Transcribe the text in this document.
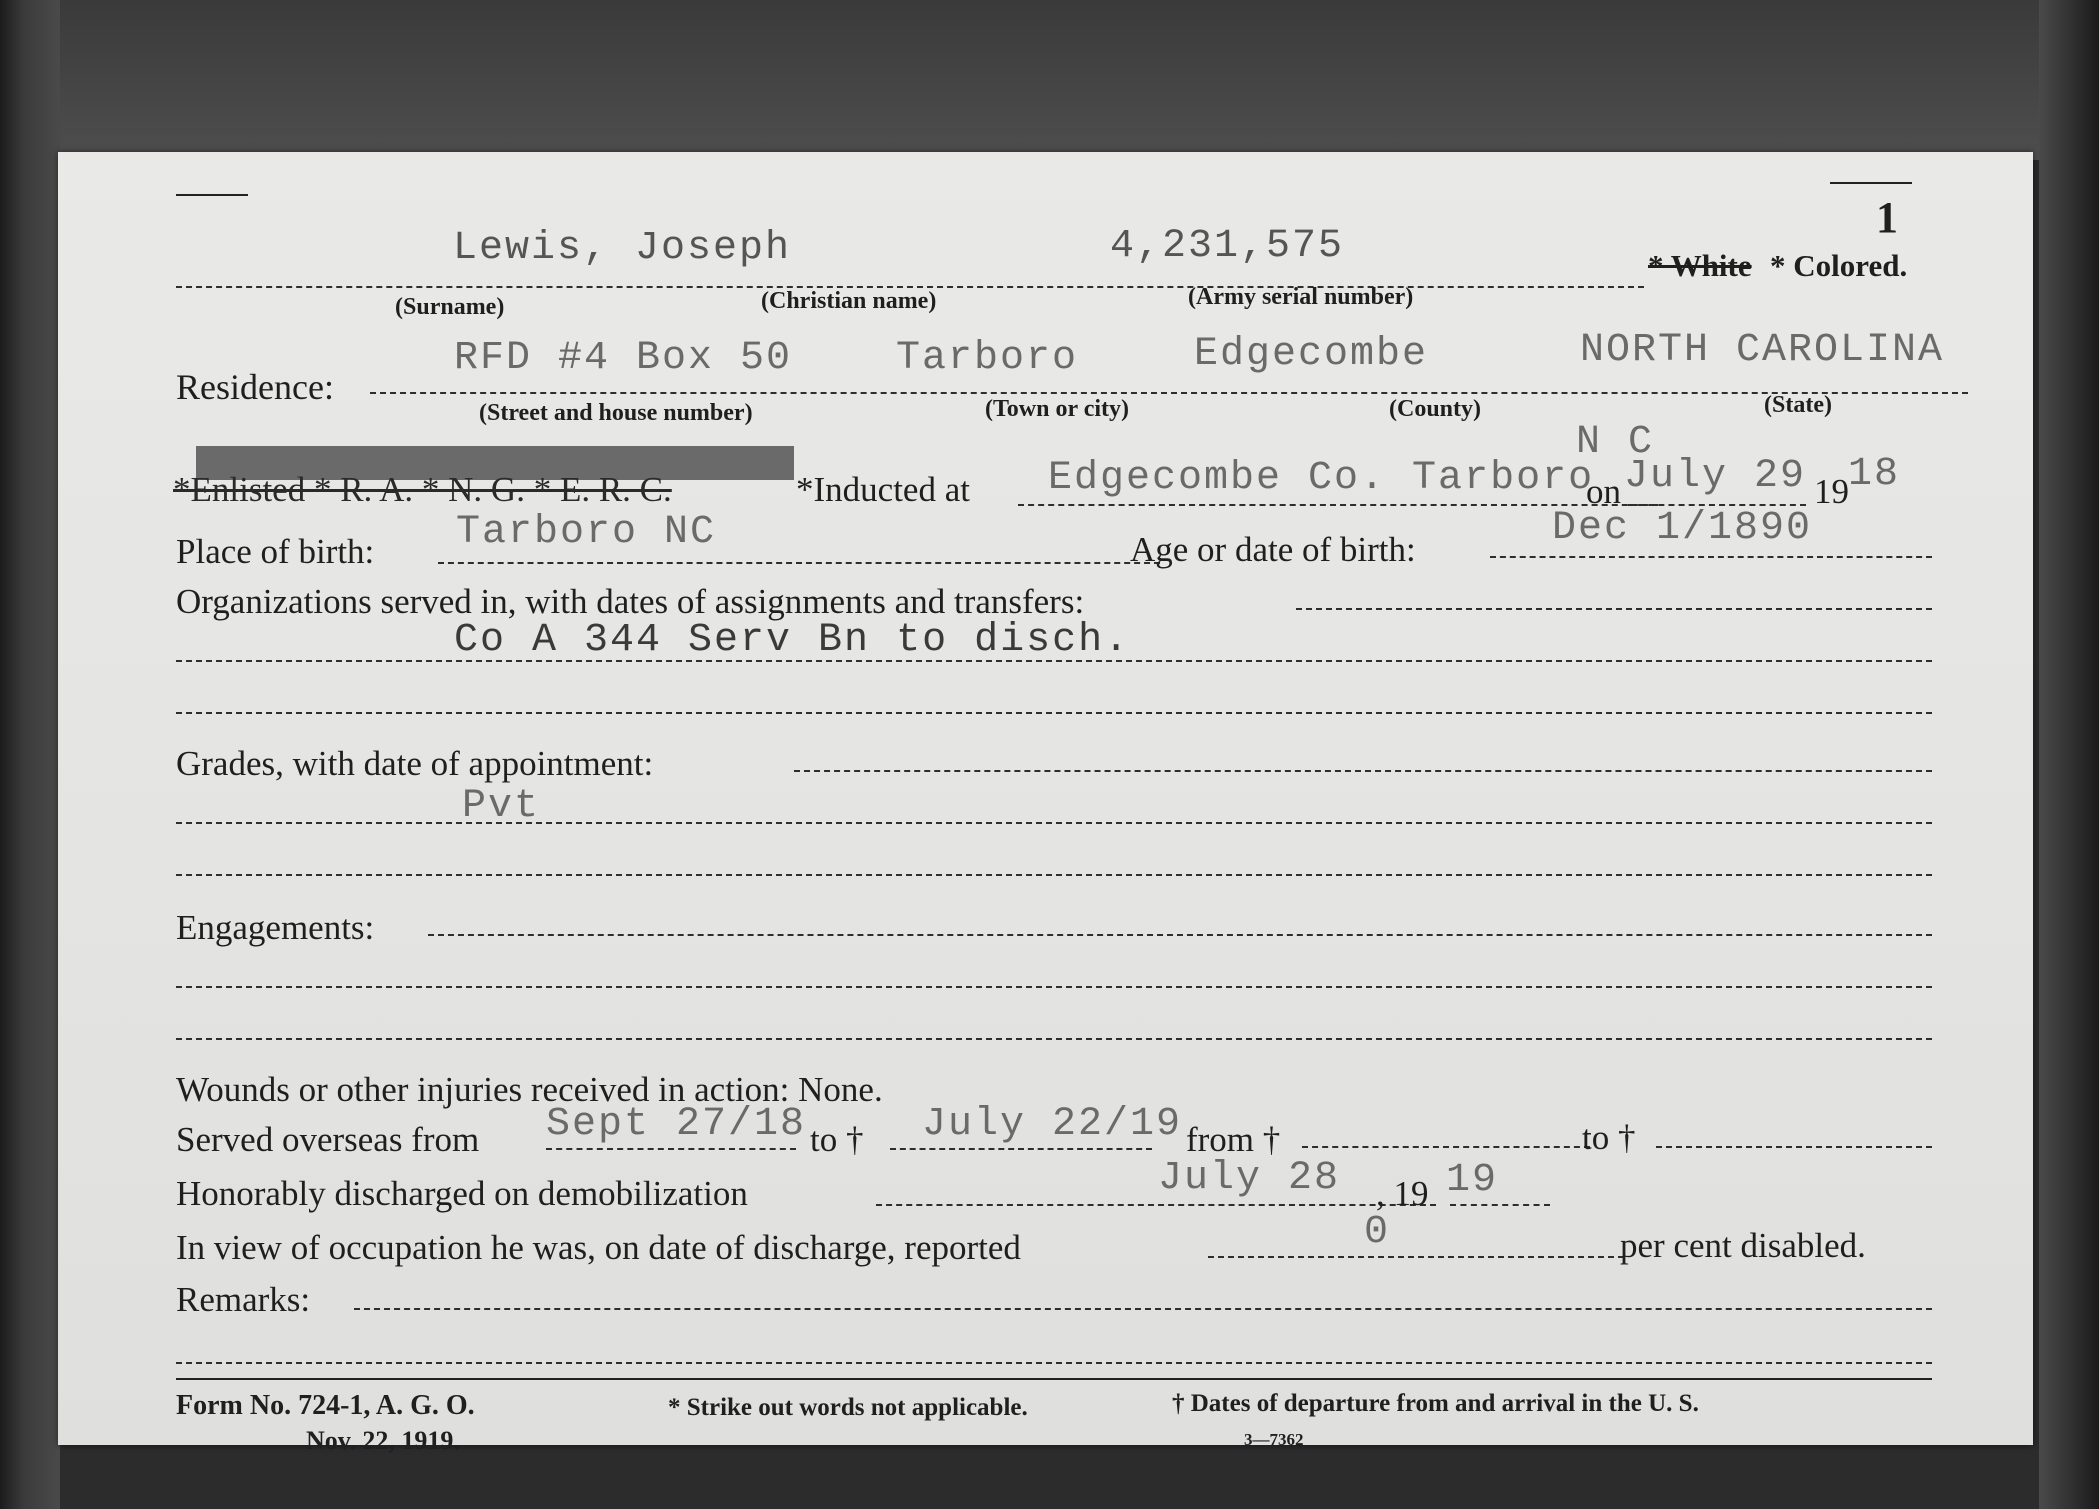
1
Lewis, Joseph	4,231,575	* White * Colored.
(Surname)	(Christian name)	(Army serial number)
Residence:
RFD #4 Box 50	Tarboro	Edgecombe	NORTH CAROLINA
(Street and house number)	(Town or city)	(County)	(State)
*Enlisted * R. A. * N. G. * E. R. C.	*Inducted at Edgecombe Co. Tarboro
N C
on July 29 19 18
Place of birth: Tarboro NC	Age or date of birth:	Dec 1/1890
Organizations served in, with dates of assignments and transfers:
Co A 344 Serv Bn to disch.
Grades, with date of appointment:
Pvt
Engagements:
Wounds or other injuries received in action: None.
Served overseas from Sept 27/18 to † July 22/19 from †	to †
Honorably discharged on demobilization	July 28 , 19 19
In view of occupation he was, on date of discharge, reported	0	per cent disabled.
Remarks:
Form No. 724-1, A. G. O.
Nov. 22, 1919.
* Strike out words not applicable.	† Dates of departure from and arrival in the U. S.
3—7362
